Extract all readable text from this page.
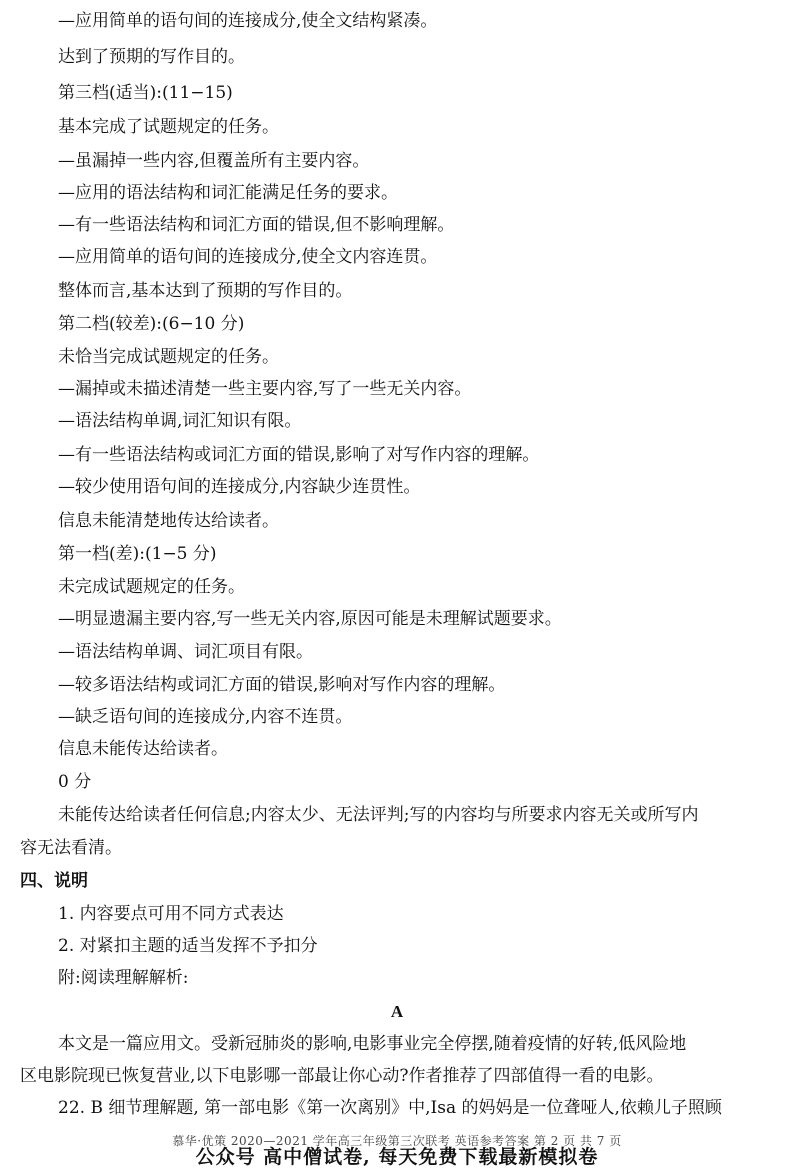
—应用简单的语句间的连接成分,使全文结构紧凑。
达到了预期的写作目的。
第三档(适当):(11−15)
基本完成了试题规定的任务。
—虽漏掉一些内容,但覆盖所有主要内容。
—应用的语法结构和词汇能满足任务的要求。
—有一些语法结构和词汇方面的错误,但不影响理解。
—应用简单的语句间的连接成分,使全文内容连贯。
整体而言,基本达到了预期的写作目的。
第二档(较差):(6−10 分)
未恰当完成试题规定的任务。
—漏掉或未描述清楚一些主要内容,写了一些无关内容。
—语法结构单调,词汇知识有限。
—有一些语法结构或词汇方面的错误,影响了对写作内容的理解。
—较少使用语句间的连接成分,内容缺少连贯性。
信息未能清楚地传达给读者。
第一档(差):(1−5 分)
未完成试题规定的任务。
—明显遗漏主要内容,写一些无关内容,原因可能是未理解试题要求。
—语法结构单调、词汇项目有限。
—较多语法结构或词汇方面的错误,影响对写作内容的理解。
—缺乏语句间的连接成分,内容不连贯。
信息未能传达给读者。
0 分
未能传达给读者任何信息;内容太少、无法评判;写的内容均与所要求内容无关或所写内
容无法看清。
四、说明
1. 内容要点可用不同方式表达
2. 对紧扣主题的适当发挥不予扣分
附:阅读理解解析:
A
本文是一篇应用文。受新冠肺炎的影响,电影事业完全停摆,随着疫情的好转,低风险地
区电影院现已恢复营业,以下电影哪一部最让你心动?作者推荐了四部值得一看的电影。
22. B 细节理解题, 第一部电影《第一次离别》中,Isa 的妈妈是一位聋哑人,依赖儿子照顾
慕华·优策 2020—2021 学年高三年级第三次联考 英语参考答案 第 2 页 共 7 页
公众号 高中僧试卷, 每天免费下载最新模拟卷
